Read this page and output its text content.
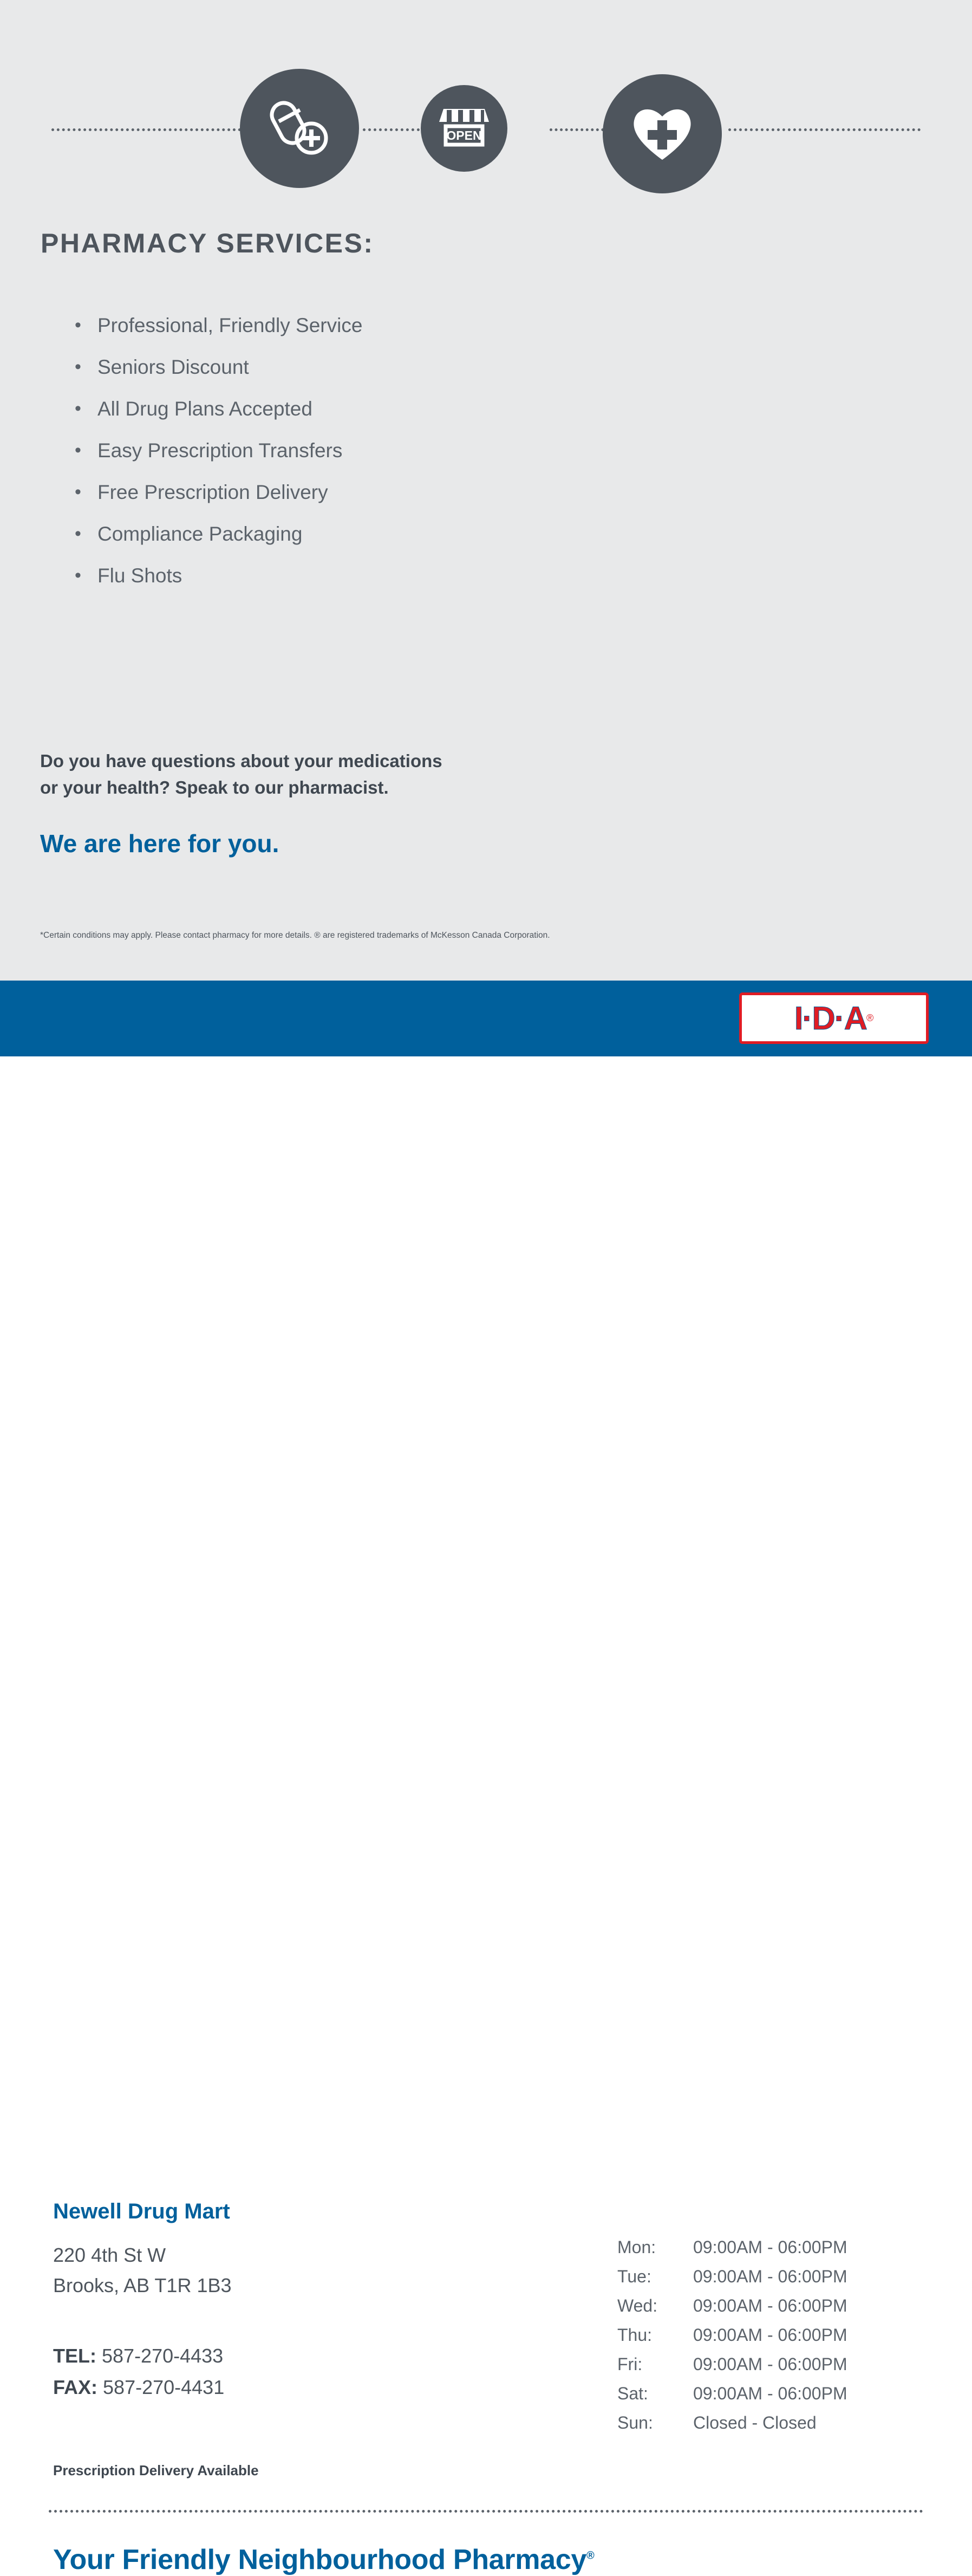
OPEN
PHARMACY SERVICES:
• Professional, Friendly Service
• Seniors Discount
• All Drug Plans Accepted
• Easy Prescription Transfers
• Free Prescription Delivery
• Compliance Packaging
• Flu Shots
Do you have questions about your medications
or your health? Speak to our pharmacist.
We are here for you.
*Certain conditions may apply. Please contact pharmacy for more details. ® are registered trademarks of McKesson Canada Corporation.
I·D·A ®
Newell Drug Mart
220 4th St W
Brooks, AB T1R 1B3
TEL: 587-270-4433
FAX: 587-270-4431
Prescription Delivery Available
Mon:	09:00AM - 06:00PM
Tue:	09:00AM - 06:00PM
Wed:	09:00AM - 06:00PM
Thu:	09:00AM - 06:00PM
Fri:	09:00AM - 06:00PM
Sat:	09:00AM - 06:00PM
Sun:	Closed - Closed
Your Friendly Neighbourhood Pharmacy®
